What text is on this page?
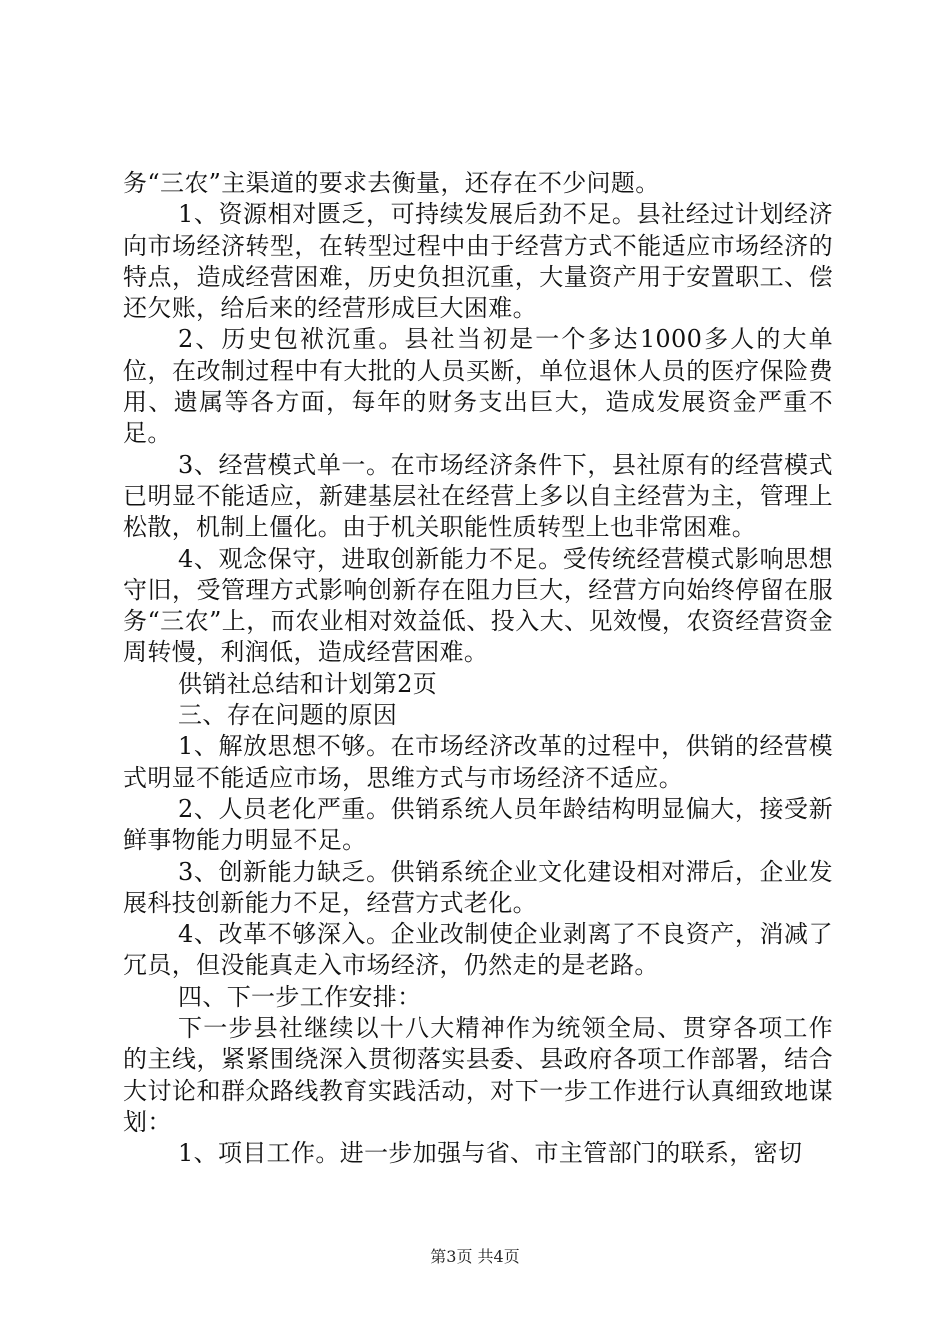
务“三农”主渠道的要求去衡量，还存在不少问题。

1、资源相对匮乏，可持续发展后劲不足。县社经过计划经济向市场经济转型，在转型过程中由于经营方式不能适应市场经济的特点，造成经营困难，历史负担沉重，大量资产用于安置职工、偿还欠账，给后来的经营形成巨大困难。

2、历史包袱沉重。县社当初是一个多达1000多人的大单位，在改制过程中有大批的人员买断，单位退休人员的医疗保险费用、遗属等各方面，每年的财务支出巨大，造成发展资金严重不足。

3、经营模式单一。在市场经济条件下，县社原有的经营模式已明显不能适应，新建基层社在经营上多以自主经营为主，管理上松散，机制上僵化。由于机关职能性质转型上也非常困难。

4、观念保守，进取创新能力不足。受传统经营模式影响思想守旧，受管理方式影响创新存在阻力巨大，经营方向始终停留在服务“三农”上，而农业相对效益低、投入大、见效慢，农资经营资金周转慢，利润低，造成经营困难。

供销社总结和计划第2页

三、存在问题的原因

1、解放思想不够。在市场经济改革的过程中，供销的经营模式明显不能适应市场，思维方式与市场经济不适应。

2、人员老化严重。供销系统人员年龄结构明显偏大，接受新鲜事物能力明显不足。

3、创新能力缺乏。供销系统企业文化建设相对滞后，企业发展科技创新能力不足，经营方式老化。

4、改革不够深入。企业改制使企业剥离了不良资产，消减了冗员，但没能真走入市场经济，仍然走的是老路。

四、下一步工作安排：

下一步县社继续以十八大精神作为统领全局、贯穿各项工作的主线，紧紧围绕深入贯彻落实县委、县政府各项工作部署，结合大讨论和群众路线教育实践活动，对下一步工作进行认真细致地谋划：

1、项目工作。进一步加强与省、市主管部门的联系，密切

第3页 共4页
